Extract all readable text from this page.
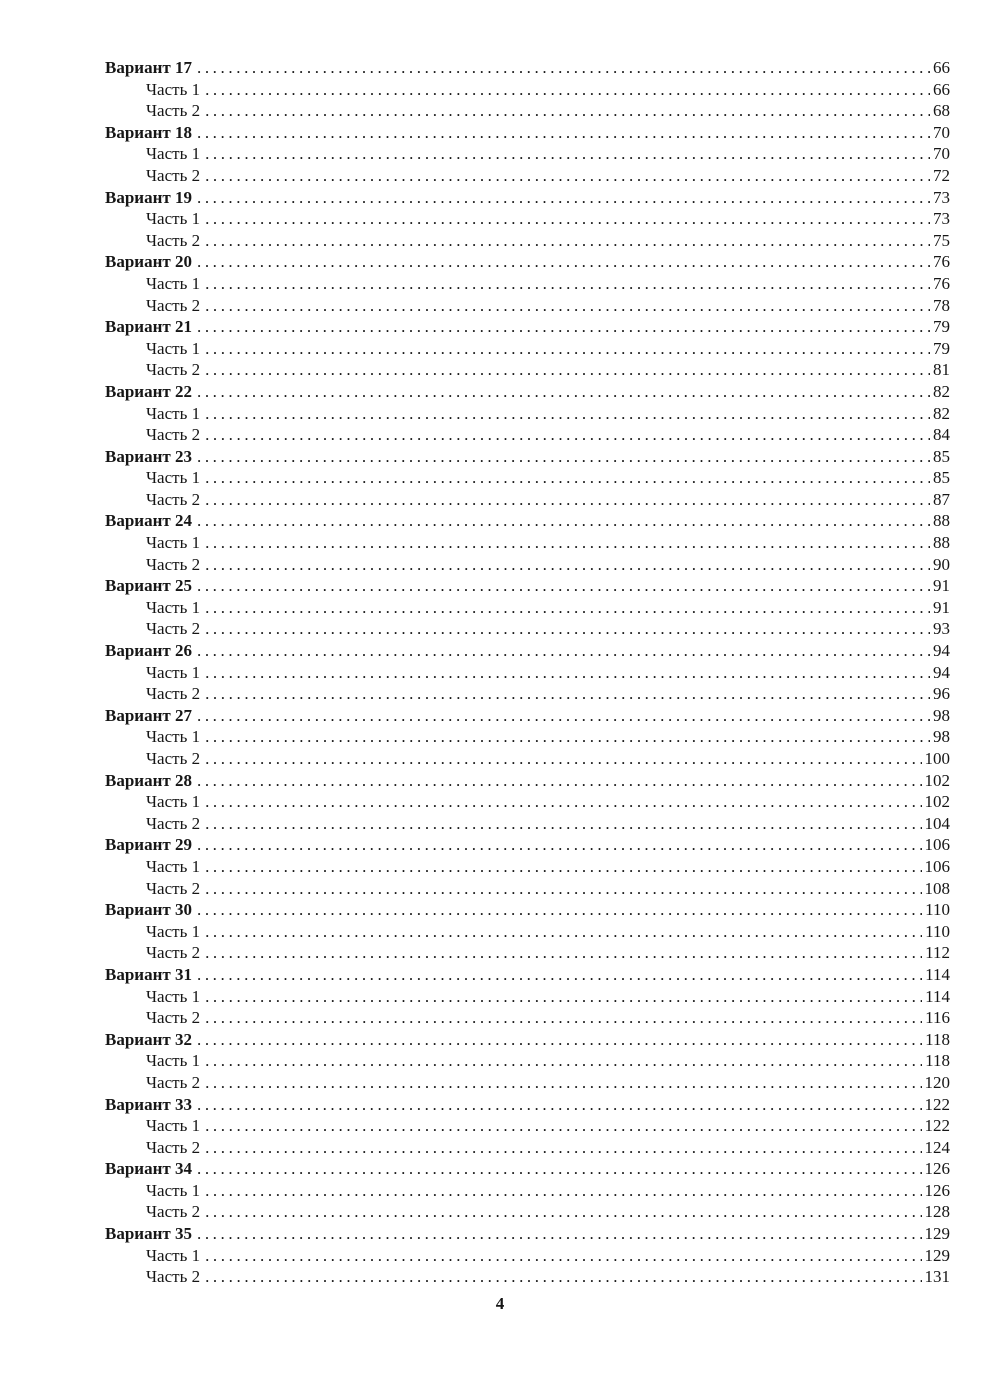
Вариант 17 .....	66
Часть 1 .....	66
Часть 2 .....	68
Вариант 18 .....	70
Часть 1 .....	70
Часть 2 .....	72
Вариант 19 .....	73
Часть 1 .....	73
Часть 2 .....	75
Вариант 20 .....	76
Часть 1 .....	76
Часть 2 .....	78
Вариант 21 .....	79
Часть 1 .....	79
Часть 2 .....	81
Вариант 22 .....	82
Часть 1 .....	82
Часть 2 .....	84
Вариант 23 .....	85
Часть 1 .....	85
Часть 2 .....	87
Вариант 24 .....	88
Часть 1 .....	88
Часть 2 .....	90
Вариант 25 .....	91
Часть 1 .....	91
Часть 2 .....	93
Вариант 26 .....	94
Часть 1 .....	94
Часть 2 .....	96
Вариант 27 .....	98
Часть 1 .....	98
Часть 2 .....	100
Вариант 28 .....	102
Часть 1 .....	102
Часть 2 .....	104
Вариант 29 .....	106
Часть 1 .....	106
Часть 2 .....	108
Вариант 30 .....	110
Часть 1 .....	110
Часть 2 .....	112
Вариант 31 .....	114
Часть 1 .....	114
Часть 2 .....	116
Вариант 32 .....	118
Часть 1 .....	118
Часть 2 .....	120
Вариант 33 .....	122
Часть 1 .....	122
Часть 2 .....	124
Вариант 34 .....	126
Часть 1 .....	126
Часть 2 .....	128
Вариант 35 .....	129
Часть 1 .....	129
Часть 2 .....	131
4
